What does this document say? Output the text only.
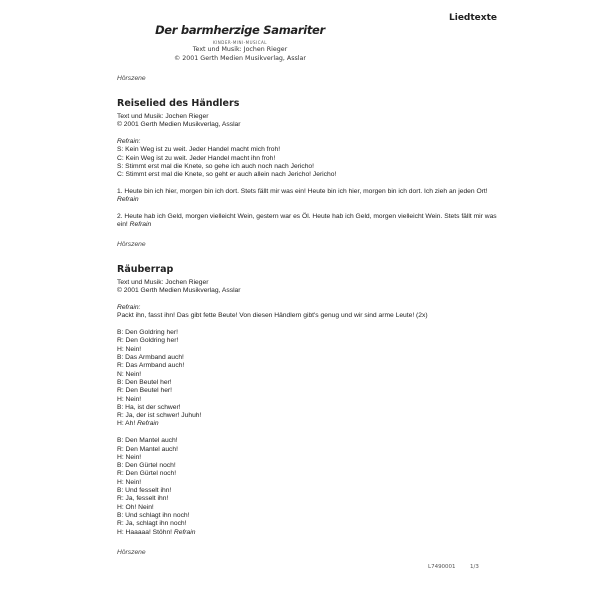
Liedtexte
Der barmherzige Samariter
KINDER-MINI-MUSICAL
Text und Musik: Jochen Rieger
© 2001 Gerth Medien Musikverlag, Asslar
Hörszene
Reiselied des Händlers
Text und Musik: Jochen Rieger
© 2001 Gerth Medien Musikverlag, Asslar
Refrain:
S: Kein Weg ist zu weit. Jeder Handel macht mich froh!
C: Kein Weg ist zu weit. Jeder Handel macht ihn froh!
S: Stimmt erst mal die Knete, so gehe ich auch noch nach Jericho!
C: Stimmt erst mal die Knete, so geht er auch allein nach Jericho! Jericho!
1. Heute bin ich hier, morgen bin ich dort. Stets fällt mir was ein! Heute bin ich hier, morgen bin ich dort. Ich zieh an jeden Ort! Refrain
2. Heute hab ich Geld, morgen vielleicht Wein, gestern war es Öl. Heute hab ich Geld, morgen vielleicht Wein. Stets fällt mir was ein! Refrain
Hörszene
Räuberrap
Text und Musik: Jochen Rieger
© 2001 Gerth Medien Musikverlag, Asslar
Refrain:
Packt ihn, fasst ihn! Das gibt fette Beute! Von diesen Händlern gibt's genug und wir sind arme Leute! (2x)
B: Den Goldring her!
R: Den Goldring her!
H: Nein!
B: Das Armband auch!
R: Das Armband auch!
N: Nein!
B: Den Beutel her!
R: Den Beutel her!
H: Nein!
B: Ha, ist der schwer!
R: Ja, der ist schwer! Juhuh!
H: Ah! Refrain
B: Den Mantel auch!
R: Den Mantel auch!
H: Nein!
B: Den Gürtel noch!
R: Den Gürtel noch!
H: Nein!
B: Und fesselt ihn!
R: Ja, fesselt ihn!
H: Oh! Nein!
B: Und schlagt ihn noch!
R: Ja, schlagt ihn noch!
H: Haaaaa! Stöhn! Refrain
Hörszene
L7490001	1/3
